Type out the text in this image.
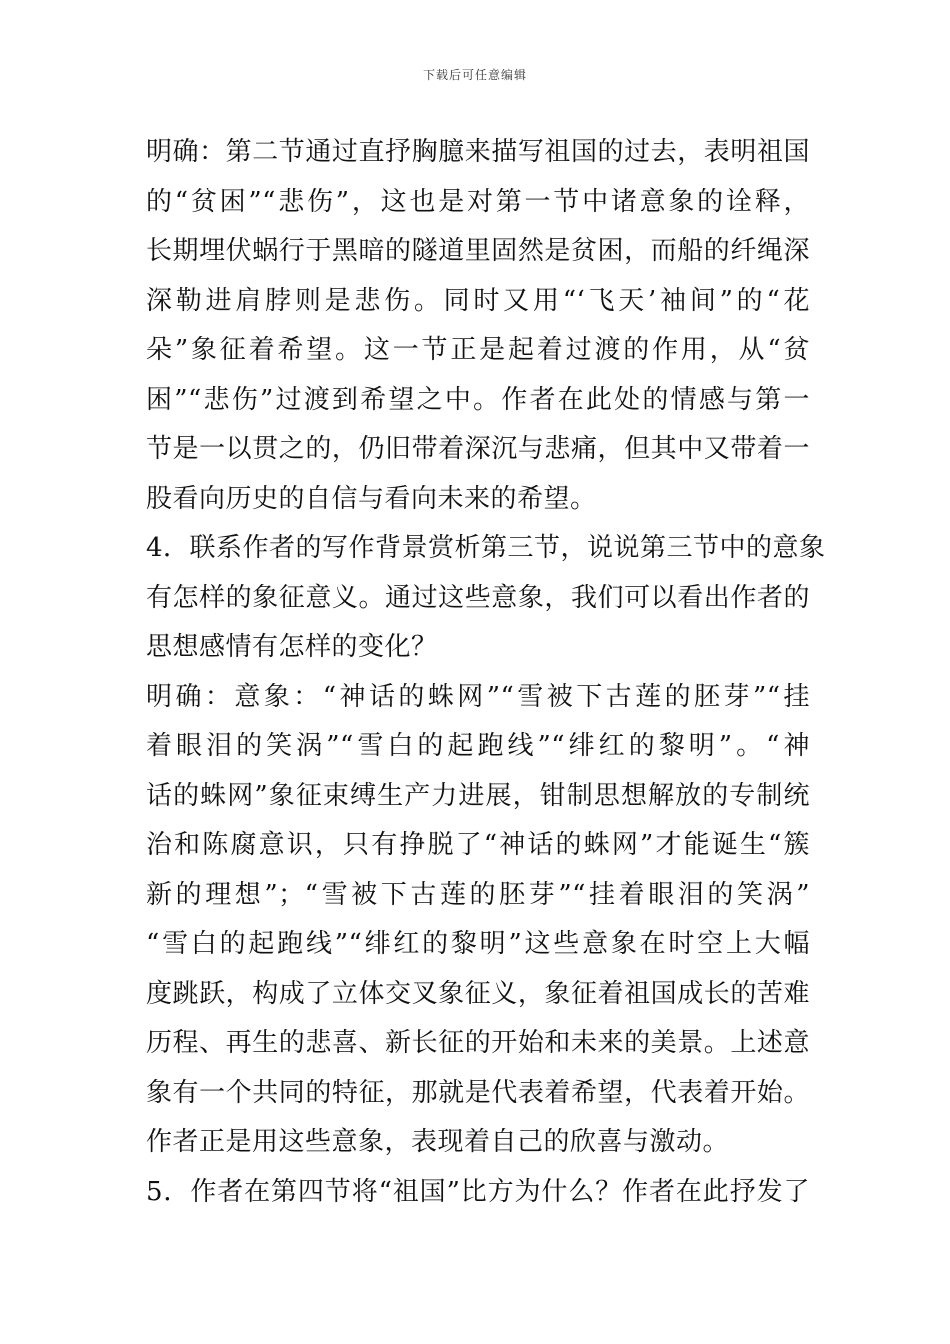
下载后可任意编辑
明确：第二节通过直抒胸臆来描写祖国的过去，表明祖国
的“贫困”“悲伤”，这也是对第一节中诸意象的诠释，
长期埋伏蜗行于黑暗的隧道里固然是贫困，而船的纤绳深
深勒进肩脖则是悲伤。同时又用“‘飞天’袖间”的“花
朵”象征着希望。这一节正是起着过渡的作用，从“贫
困”“悲伤”过渡到希望之中。作者在此处的情感与第一
节是一以贯之的，仍旧带着深沉与悲痛，但其中又带着一
股看向历史的自信与看向未来的希望。
4．联系作者的写作背景赏析第三节，说说第三节中的意象
有怎样的象征意义。通过这些意象，我们可以看出作者的
思想感情有怎样的变化？
明确：意象：“神话的蛛网”“雪被下古莲的胚芽”“挂
着眼泪的笑涡”“雪白的起跑线”“绯红的黎明”。“神
话的蛛网”象征束缚生产力进展，钳制思想解放的专制统
治和陈腐意识，只有挣脱了“神话的蛛网”才能诞生“簇
新的理想”；“雪被下古莲的胚芽”“挂着眼泪的笑涡”
“雪白的起跑线”“绯红的黎明”这些意象在时空上大幅
度跳跃，构成了立体交叉象征义，象征着祖国成长的苦难
历程、再生的悲喜、新长征的开始和未来的美景。上述意
象有一个共同的特征，那就是代表着希望，代表着开始。
作者正是用这些意象，表现着自己的欣喜与激动。
5．作者在第四节将“祖国”比方为什么？作者在此抒发了
